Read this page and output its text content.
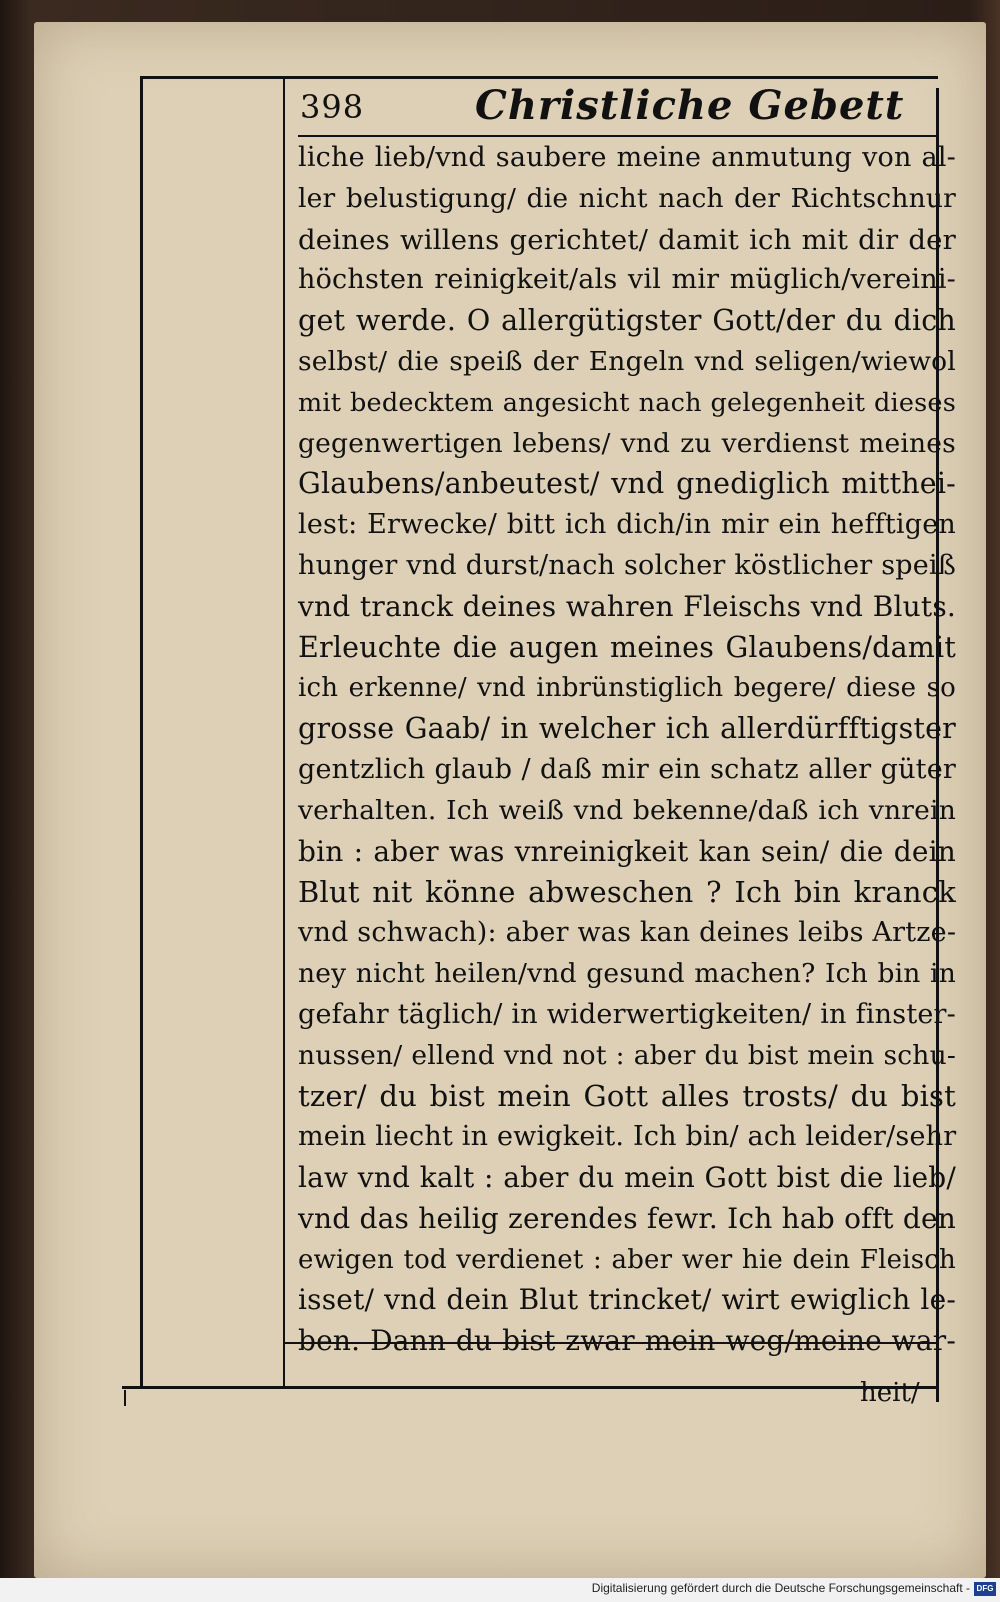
398	Christliche Gebett
liche lieb/vnd saubere meine anmutung von al-
ler belustigung/ die nicht nach der Richtschnur
deines willens gerichtet/ damit ich mit dir der
höchsten reinigkeit/als vil mir müglich/vereini-
get werde. O allergütigster Gott/der du dich
selbst/ die speiß der Engeln vnd seligen/wiewol
mit bedecktem angesicht nach gelegenheit dieses
gegenwertigen lebens/ vnd zu verdienst meines
Glaubens/anbeutest/ vnd gnediglich mitthei-
lest: Erwecke/ bitt ich dich/in mir ein hefftigen
hunger vnd durst/nach solcher köstlicher speiß
vnd tranck deines wahren Fleischs vnd Bluts.
Erleuchte die augen meines Glaubens/damit
ich erkenne/ vnd inbrünstiglich begere/ diese so
grosse Gaab/ in welcher ich allerdürfftigster
gentzlich glaub / daß mir ein schatz aller güter
verhalten. Ich weiß vnd bekenne/daß ich vnrein
bin : aber was vnreinigkeit kan sein/ die dein
Blut nit könne abweschen ? Ich bin kranck
vnd schwach): aber was kan deines leibs Artze-
ney nicht heilen/vnd gesund machen? Ich bin in
gefahr täglich/ in widerwertigkeiten/ in finster-
nussen/ ellend vnd not : aber du bist mein schu-
tzer/ du bist mein Gott alles trosts/ du bist
mein liecht in ewigkeit. Ich bin/ ach leider/sehr
law vnd kalt : aber du mein Gott bist die lieb/
vnd das heilig zerendes fewr. Ich hab offt den
ewigen tod verdienet : aber wer hie dein Fleisch
isset/ vnd dein Blut trincket/ wirt ewiglich le-
ben. Dann du bist zwar mein weg/meine war-
heit/
Digitalisierung gefördert durch die Deutsche Forschungsgemeinschaft - DFG
